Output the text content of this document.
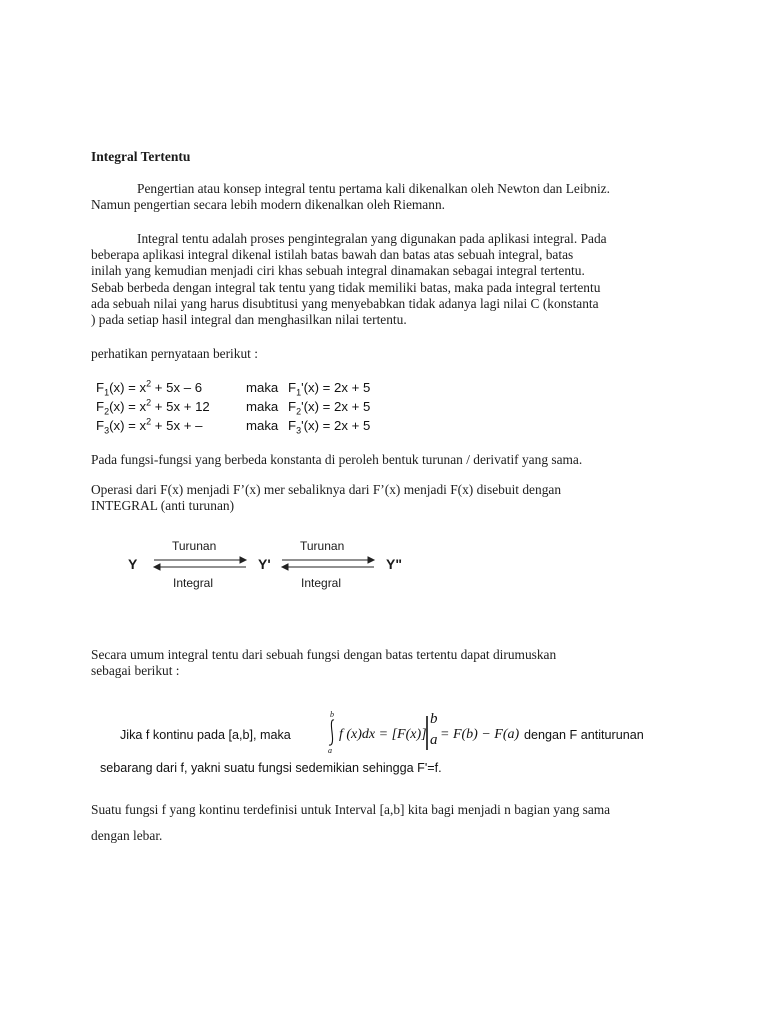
Integral Tertentu
Pengertian atau konsep integral tentu pertama kali dikenalkan oleh Newton dan Leibniz.
Namun pengertian secara lebih modern dikenalkan oleh Riemann.
Integral tentu adalah proses pengintegralan yang digunakan pada aplikasi integral. Pada
beberapa aplikasi integral dikenal istilah batas bawah dan batas atas sebuah integral, batas
inilah yang kemudian menjadi ciri khas sebuah integral dinamakan sebagai integral tertentu.
Sebab berbeda dengan integral tak tentu yang tidak memiliki batas, maka pada integral tertentu
ada sebuah nilai yang harus disubtitusi yang menyebabkan tidak adanya lagi nilai C (konstanta
) pada setiap hasil integral dan menghasilkan nilai tertentu.
perhatikan pernyataan berikut :
$F_1(x) = x^2 + 5x - 6$	maka $F_1'(x) = 2x + 5$
$F_2(x) = x^2 + 5x + 12$	maka $F_2'(x) = 2x + 5$
$F_3(x) = x^2 + 5x$ + –	maka $F_3'(x) = 2x + 5$
Pada fungsi-fungsi yang berbeda konstanta di peroleh bentuk turunan / derivatif yang sama.
Operasi dari F(x) menjadi F’(x) mer sebaliknya dari F’(x) menjadi F(x) disebuit dengan
INTEGRAL (anti turunan)
Y	Y'	Y"
Turunan	Turunan
Integral	Integral
Secara umum integral tentu dari sebuah fungsi dengan batas tertentu dapat dirumuskan
sebagai berikut :
Jika f kontinu pada [a,b], maka
b
a
f (x)dx = [F(x)]
b
a = F(b) − F(a) dengan F antiturunan
sebarang dari f, yakni suatu fungsi sedemikian sehingga F'=f.
Suatu fungsi f yang kontinu terdefinisi untuk Interval [a,b] kita bagi menjadi n bagian yang sama
dengan lebar.
